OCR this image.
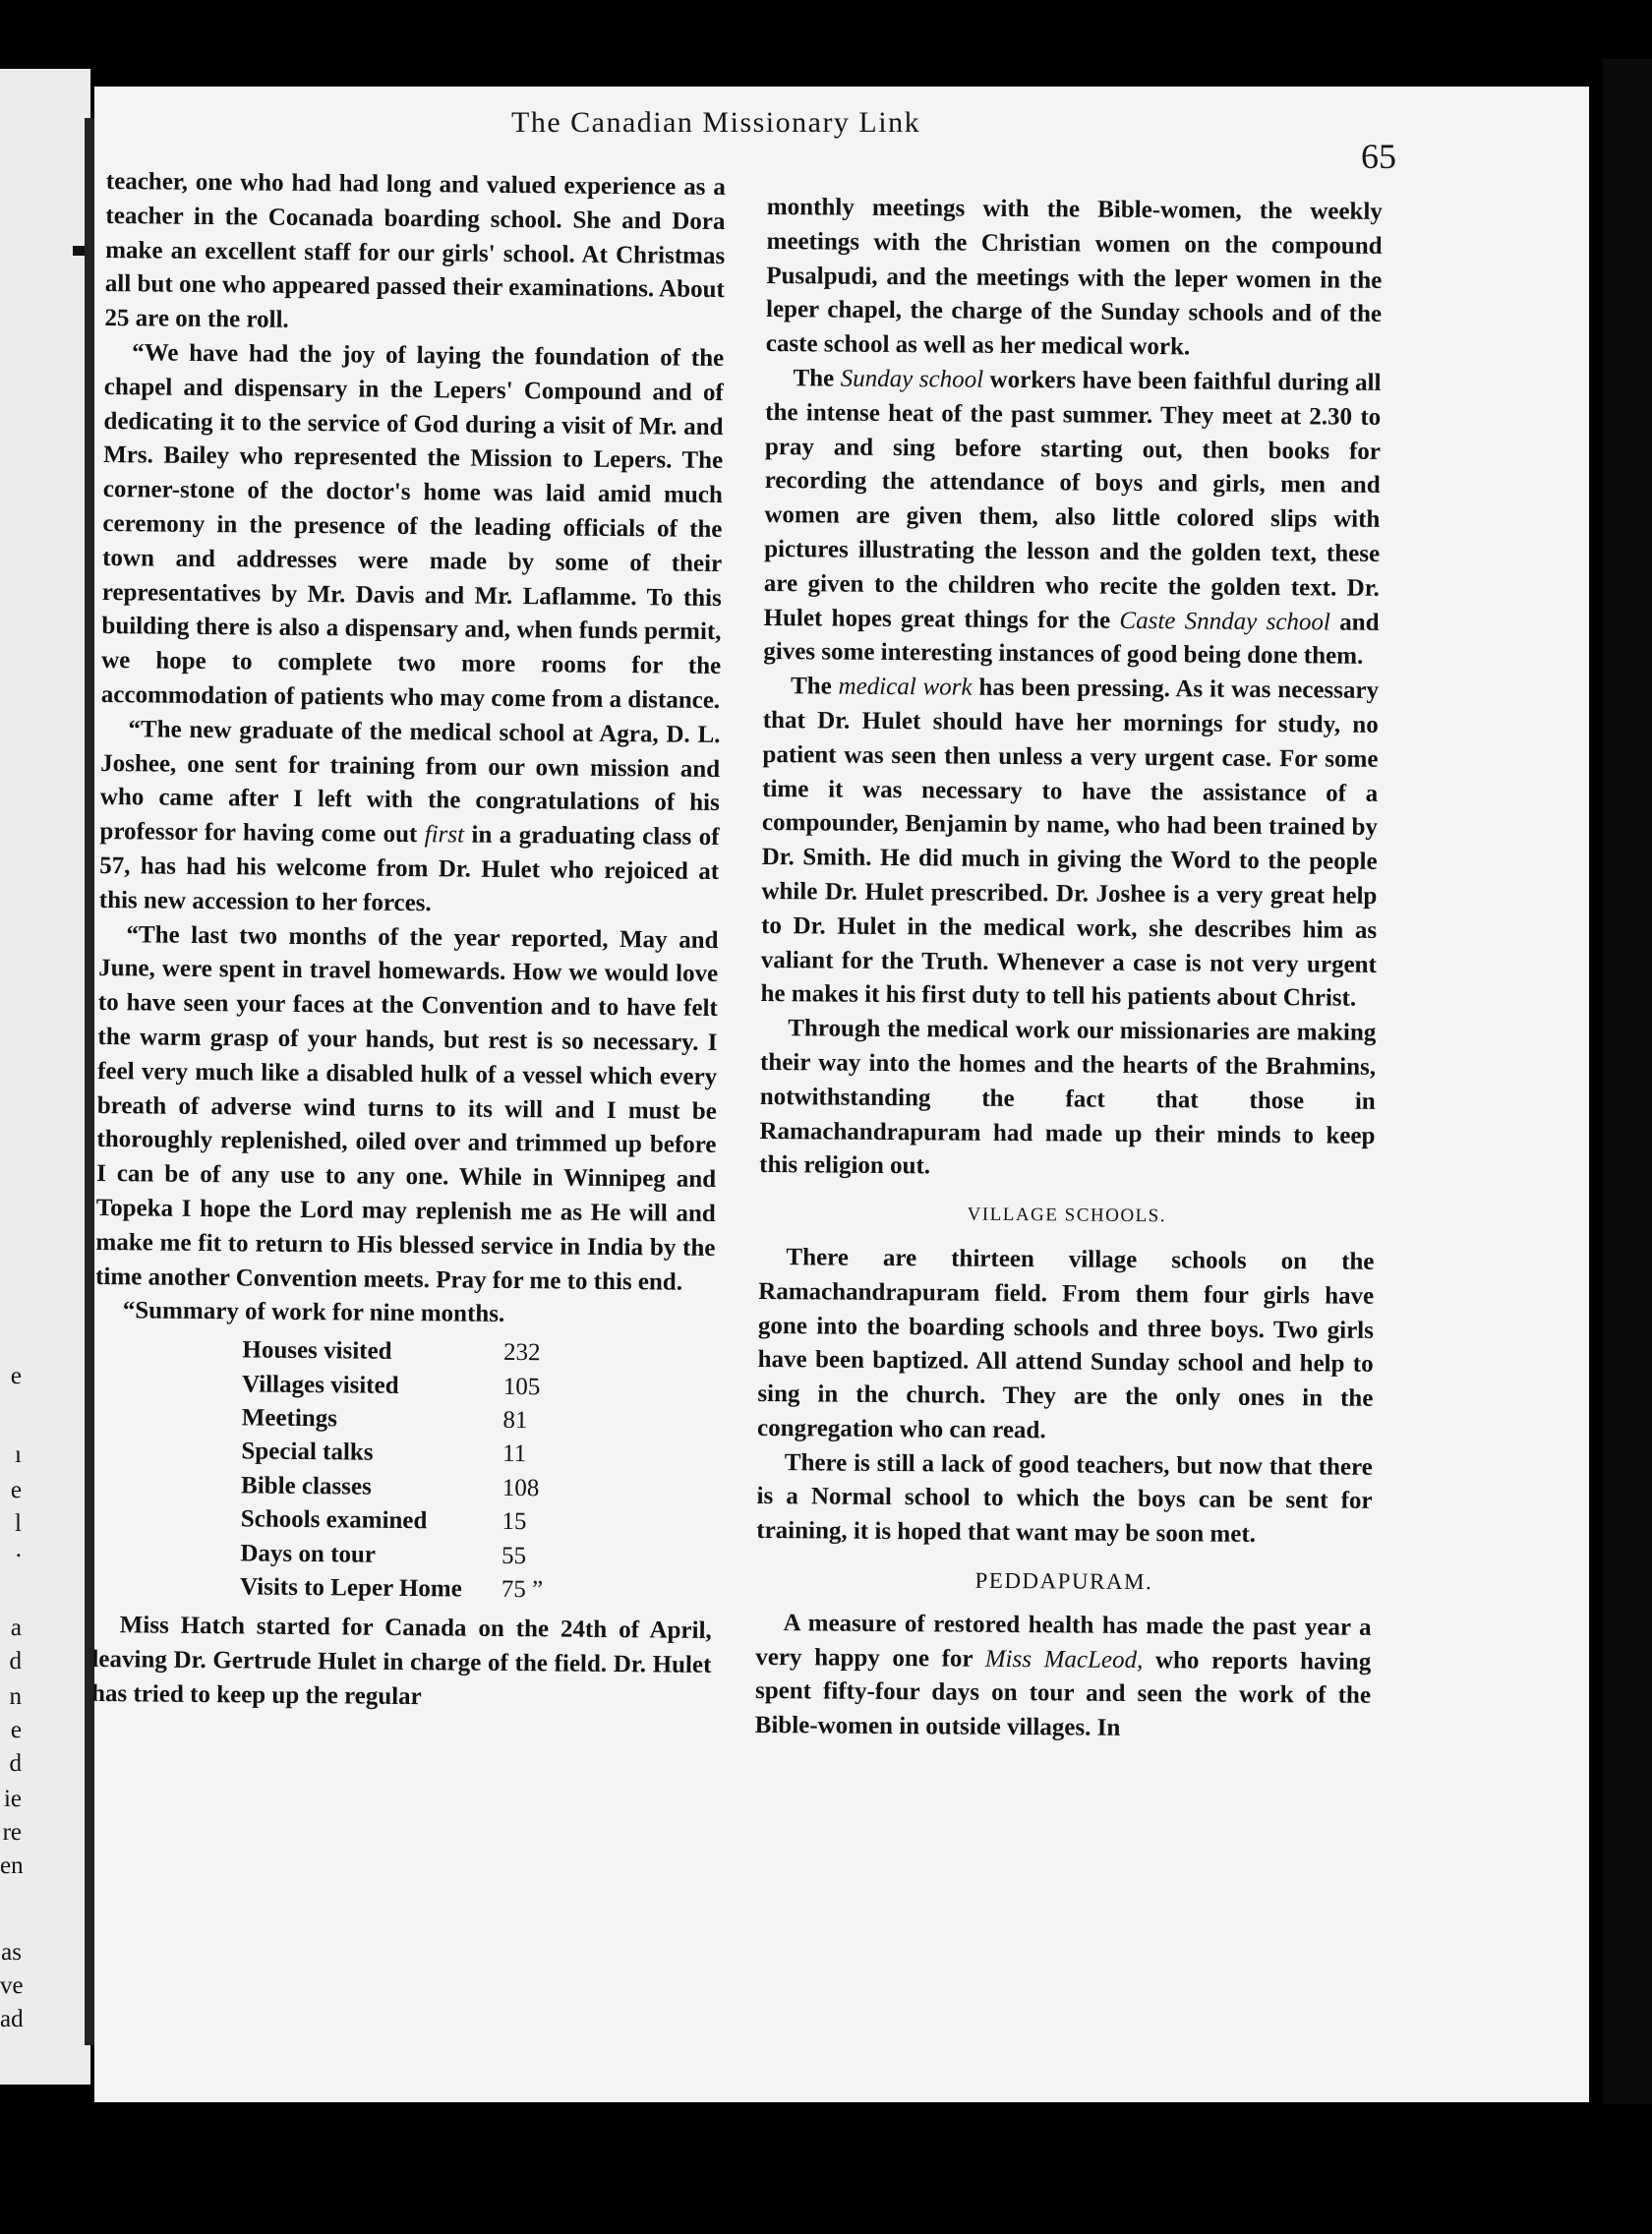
e
ı
e
l
.
a
d
n
e
d
ie
re
en
as
ve
ad
The Canadian Missionary Link
65

teacher, one who had had long and valued experience as a teacher in the Cocanada boarding school. She and Dora make an excellent staff for our girls' school. At Christmas all but one who appeared passed their examinations. About 25 are on the roll.

“We have had the joy of laying the foundation of the chapel and dispensary in the Lepers' Compound and of dedicating it to the service of God during a visit of Mr. and Mrs. Bailey who represented the Mission to Lepers. The corner-stone of the doctor's home was laid amid much ceremony in the presence of the leading officials of the town and addresses were made by some of their representatives by Mr. Davis and Mr. Laflamme. To this building there is also a dispensary and, when funds permit, we hope to complete two more rooms for the accommodation of patients who may come from a distance.

“The new graduate of the medical school at Agra, D. L. Joshee, one sent for training from our own mission and who came after I left with the congratulations of his professor for having come out first in a graduating class of 57, has had his welcome from Dr. Hulet who rejoiced at this new accession to her forces.

“The last two months of the year reported, May and June, were spent in travel homewards. How we would love to have seen your faces at the Convention and to have felt the warm grasp of your hands, but rest is so necessary. I feel very much like a disabled hulk of a vessel which every breath of adverse wind turns to its will and I must be thoroughly replenished, oiled over and trimmed up before I can be of any use to any one. While in Winnipeg and Topeka I hope the Lord may replenish me as He will and make me fit to return to His blessed service in India by the time another Convention meets. Pray for me to this end.

“Summary of work for nine months.

Houses visited	232
Villages visited	105
Meetings	81
Special talks	11
Bible classes	108
Schools examined	15
Days on tour	55
Visits to Leper Home	75 ”

Miss Hatch started for Canada on the 24th of April, leaving Dr. Gertrude Hulet in charge of the field. Dr. Hulet has tried to keep up the regular

monthly meetings with the Bible-women, the weekly meetings with the Christian women on the compound Pusalpudi, and the meetings with the leper women in the leper chapel, the charge of the Sunday schools and of the caste school as well as her medical work.

The Sunday school workers have been faithful during all the intense heat of the past summer. They meet at 2.30 to pray and sing before starting out, then books for recording the attendance of boys and girls, men and women are given them, also little colored slips with pictures illustrating the lesson and the golden text, these are given to the children who recite the golden text. Dr. Hulet hopes great things for the Caste Snnday school and gives some interesting instances of good being done them.

The medical work has been pressing. As it was necessary that Dr. Hulet should have her mornings for study, no patient was seen then unless a very urgent case. For some time it was necessary to have the assistance of a compounder, Benjamin by name, who had been trained by Dr. Smith. He did much in giving the Word to the people while Dr. Hulet prescribed. Dr. Joshee is a very great help to Dr. Hulet in the medical work, she describes him as valiant for the Truth. Whenever a case is not very urgent he makes it his first duty to tell his patients about Christ.

Through the medical work our missionaries are making their way into the homes and the hearts of the Brahmins, notwithstanding the fact that those in Ramachandrapuram had made up their minds to keep this religion out.

VILLAGE SCHOOLS.

There are thirteen village schools on the Ramachandrapuram field. From them four girls have gone into the boarding schools and three boys. Two girls have been baptized. All attend Sunday school and help to sing in the church. They are the only ones in the congregation who can read.

There is still a lack of good teachers, but now that there is a Normal school to which the boys can be sent for training, it is hoped that want may be soon met.

PEDDAPURAM.

A measure of restored health has made the past year a very happy one for Miss MacLeod, who reports having spent fifty-four days on tour and seen the work of the Bible-women in outside villages. In
